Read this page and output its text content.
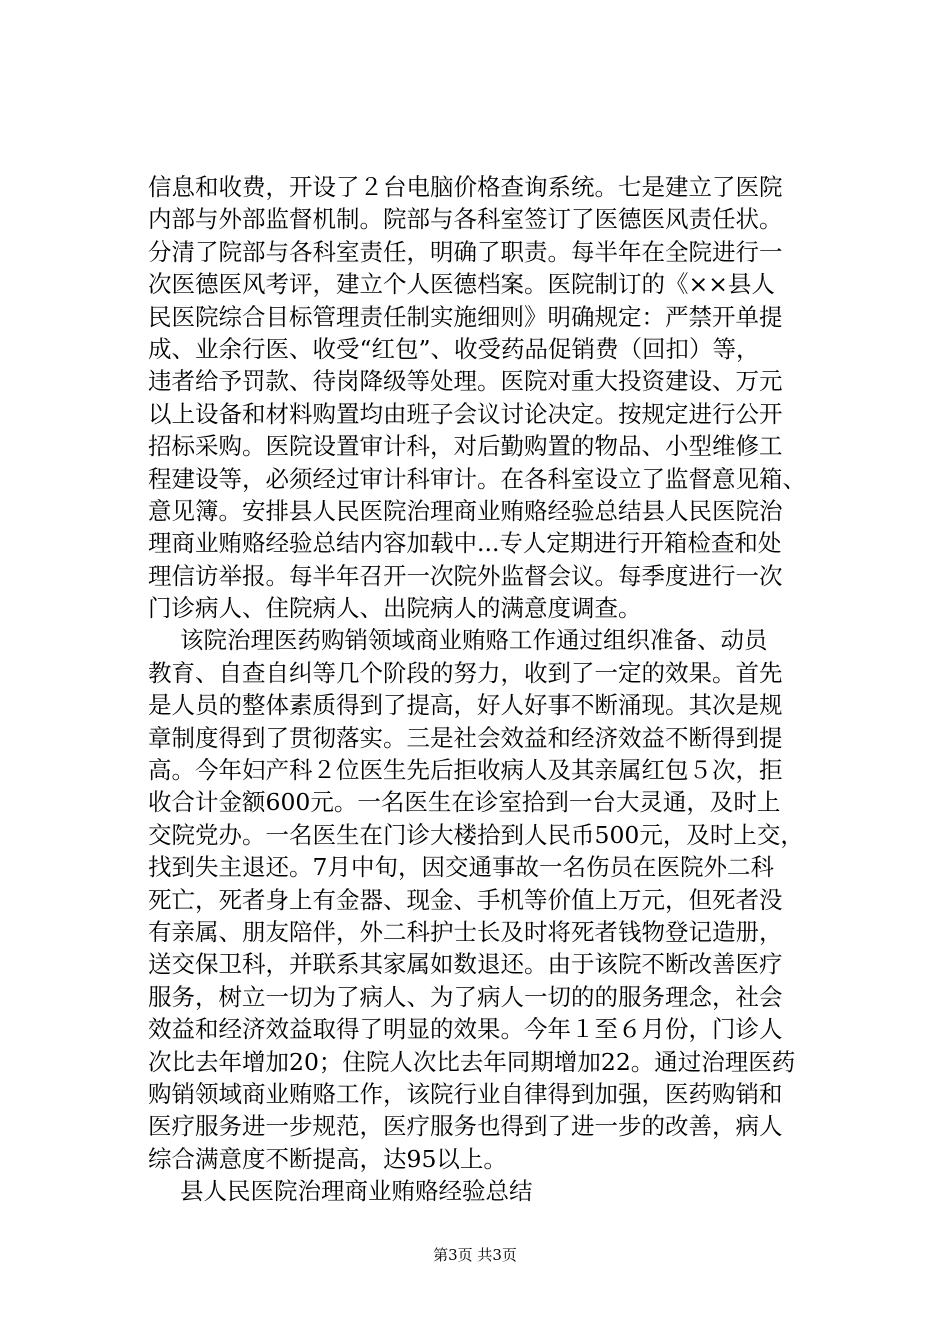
信息和收费，开设了２台电脑价格查询系统。七是建立了医院
内部与外部监督机制。院部与各科室签订了医德医风责任状。
分清了院部与各科室责任，明确了职责。每半年在全院进行一
次医德医风考评，建立个人医德档案。医院制订的《××县人
民医院综合目标管理责任制实施细则》明确规定：严禁开单提
成、业余行医、收受“红包”、收受药品促销费（回扣）等，
违者给予罚款、待岗降级等处理。医院对重大投资建设、万元
以上设备和材料购置均由班子会议讨论决定。按规定进行公开
招标采购。医院设置审计科，对后勤购置的物品、小型维修工
程建设等，必须经过审计科审计。在各科室设立了监督意见箱、
意见簿。安排县人民医院治理商业贿赂经验总结县人民医院治
理商业贿赂经验总结内容加载中...专人定期进行开箱检查和处
理信访举报。每半年召开一次院外监督会议。每季度进行一次
门诊病人、住院病人、出院病人的满意度调查。
该院治理医药购销领域商业贿赂工作通过组织准备、动员
教育、自查自纠等几个阶段的努力，收到了一定的效果。首先
是人员的整体素质得到了提高，好人好事不断涌现。其次是规
章制度得到了贯彻落实。三是社会效益和经济效益不断得到提
高。今年妇产科２位医生先后拒收病人及其亲属红包５次，拒
收合计金额600元。一名医生在诊室拾到一台大灵通，及时上
交院党办。一名医生在门诊大楼拾到人民币500元，及时上交，
找到失主退还。7月中旬，因交通事故一名伤员在医院外二科
死亡，死者身上有金器、现金、手机等价值上万元，但死者没
有亲属、朋友陪伴，外二科护士长及时将死者钱物登记造册，
送交保卫科，并联系其家属如数退还。由于该院不断改善医疗
服务，树立一切为了病人、为了病人一切的的服务理念，社会
效益和经济效益取得了明显的效果。今年１至６月份，门诊人
次比去年增加20；住院人次比去年同期增加22。通过治理医药
购销领域商业贿赂工作，该院行业自律得到加强，医药购销和
医疗服务进一步规范，医疗服务也得到了进一步的改善，病人
综合满意度不断提高，达95以上。
县人民医院治理商业贿赂经验总结
第3页 共3页
